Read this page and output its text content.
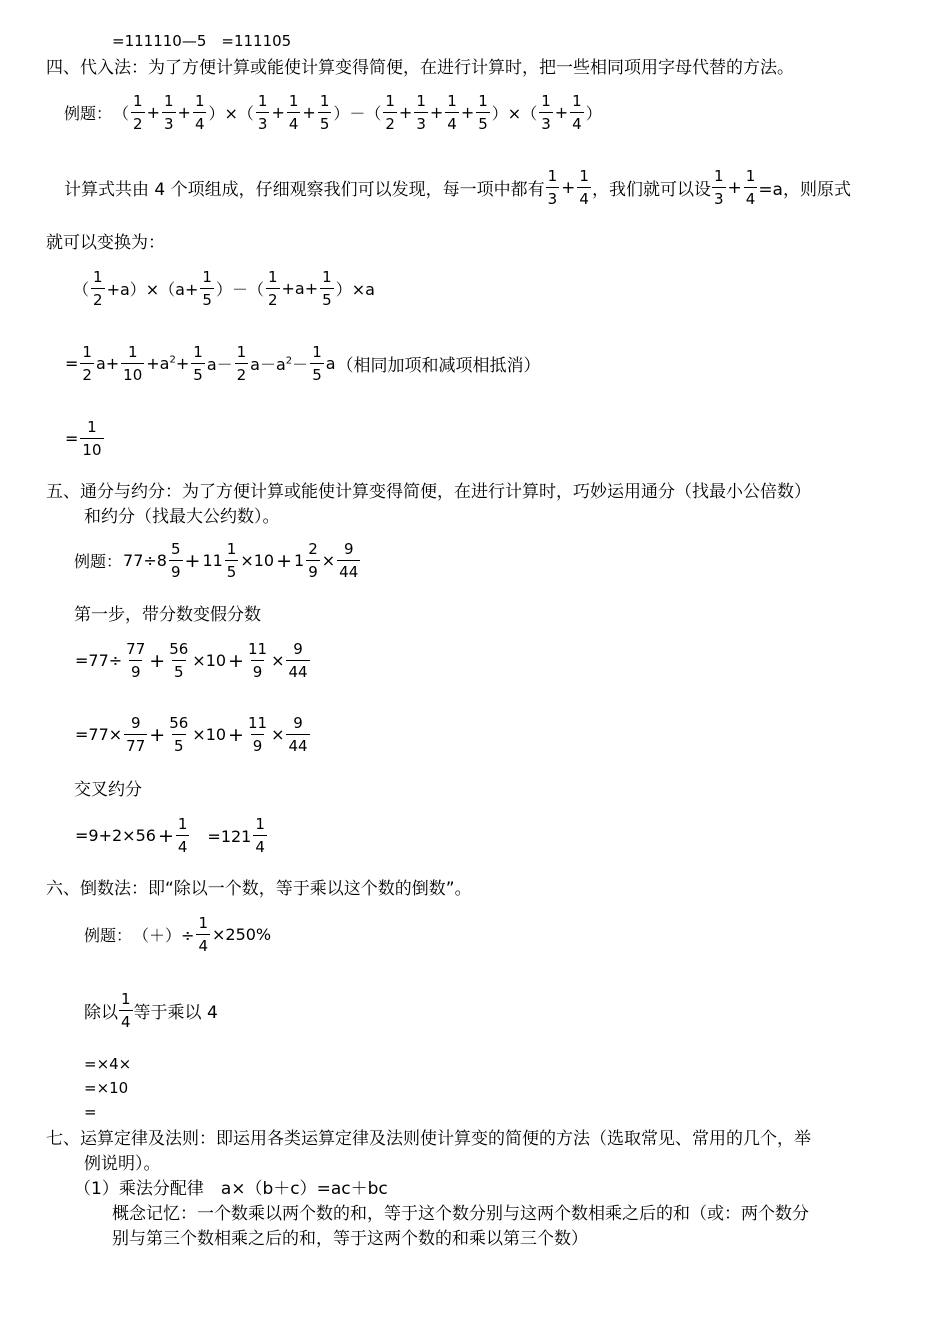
=111110—5　=111105
四、代入法：为了方便计算或能使计算变得简便，在进行计算时，把一些相同项用字母代替的方法。
例题： （ $\frac{1}{2} + \frac{1}{3} + \frac{1}{4}$ ）×（ $\frac{1}{3} + \frac{1}{4} + \frac{1}{5}$ ）－（ $\frac{1}{2} + \frac{1}{3} + \frac{1}{4} + \frac{1}{5}$ ）×（ $\frac{1}{3} + \frac{1}{4}$ ）
计算式共由 4 个项组成，仔细观察我们可以发现，每一项中都有 $\frac{1}{3} + \frac{1}{4}$ ，我们就可以设 $\frac{1}{3} + \frac{1}{4} =a$，则原式
就可以变换为：
（ $\frac{1}{2} +a)\times(a+ \frac{1}{5}$ ）－（ $\frac{1}{2} +a+ \frac{1}{5} )\times a$
= $\frac{1}{2} a+ \frac{1}{10} +a^2+ \frac{1}{5} a- \frac{1}{2} a-a^2- \frac{1}{5}$ a （相同加项和减项相抵消）
= $\frac{1}{10}$
五、通分与约分：为了方便计算或能使计算变得简便，在进行计算时，巧妙运用通分（找最小公倍数）
和约分（找最大公约数）。
例题： $77\div 8 \frac{5}{9} + 11 \frac{1}{5} \times 10 + 1 \frac{2}{9} \times \frac{9}{44}$
第一步，带分数变假分数
$=77\div \frac{77}{9} + \frac{56}{5} \times 10 + \frac{11}{9} \times \frac{9}{44}$
$=77\times \frac{9}{77} + \frac{56}{5} \times 10 + \frac{11}{9} \times \frac{9}{44}$
交叉约分
$=9+2\times 56 + \frac{1}{4}$ 　$=121 \frac{1}{4}$
六、倒数法：即“除以一个数，等于乘以这个数的倒数”。
例题： （＋）÷ $\frac{1}{4} \times 250\%$
除以 $\frac{1}{4}$ 等于乘以 4
=×4×
=×10
=
七、运算定律及法则：即运用各类运算定律及法则使计算变的简便的方法（选取常见、常用的几个，举
例说明）。
（1）乘法分配律　a×（b＋c）=ac＋bc
概念记忆：一个数乘以两个数的和，等于这个数分别与这两个数相乘之后的和（或：两个数分
别与第三个数相乘之后的和，等于这两个数的和乘以第三个数）
